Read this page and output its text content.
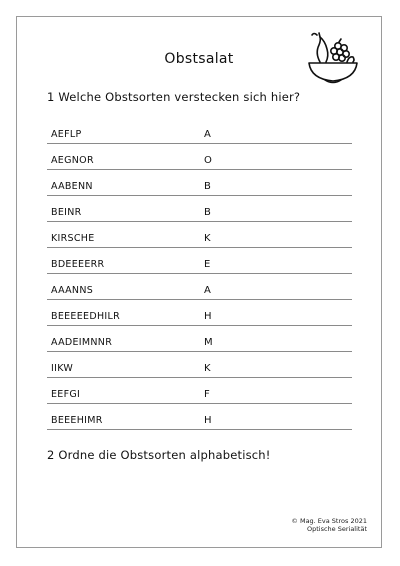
Obstsalat
1 Welche Obstsorten verstecken sich hier?
AEFLP	A
AEGNOR	O
AABENN	B
BEINR	B
KIRSCHE	K
BDEEEERR	E
AAANNS	A
BEEEEEDHILR	H
AADEIMNNR	M
IIKW	K
EEFGI	F
BEEEHIMR	H
2 Ordne die Obstsorten alphabetisch!
© Mag. Eva Stros 2021
Optische Serialität
